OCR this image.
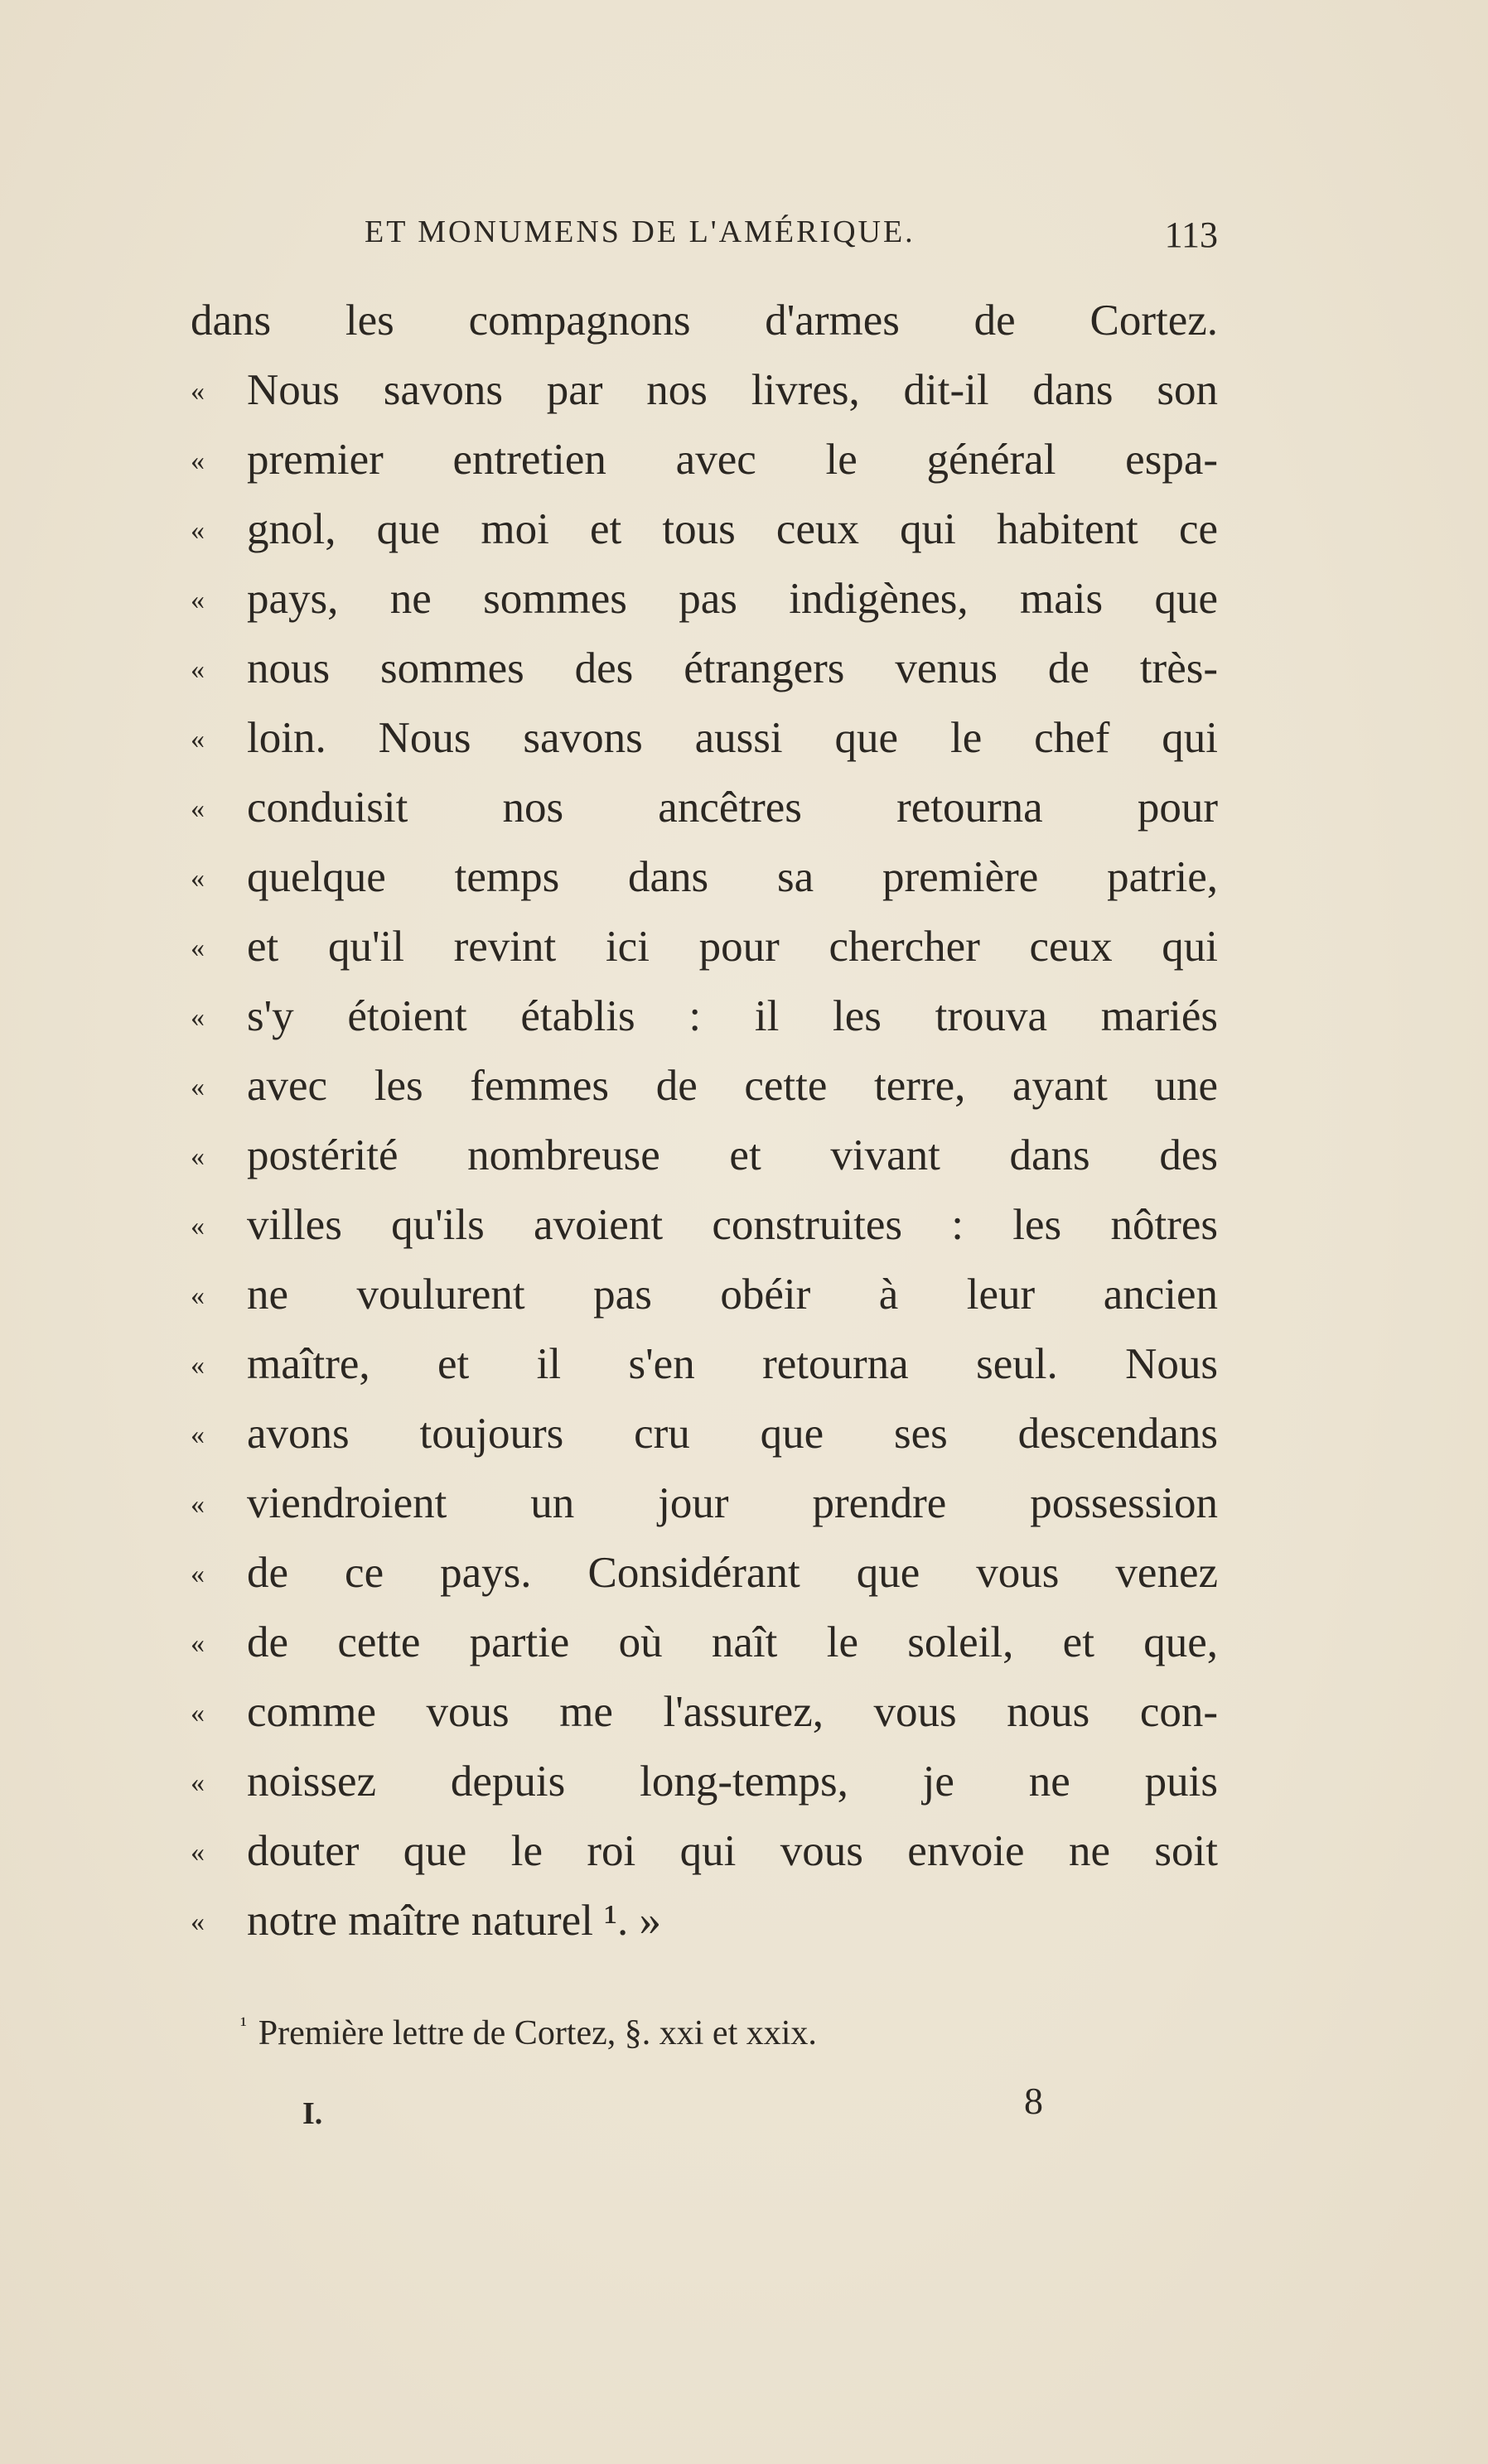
ET MONUMENS DE L'AMÉRIQUE.	113
dans les compagnons d'armes de Cortez.
« Nous savons par nos livres, dit-il dans son
« premier entretien avec le général espa-
« gnol, que moi et tous ceux qui habitent ce
« pays, ne sommes pas indigènes, mais que
« nous sommes des étrangers venus de très-
« loin. Nous savons aussi que le chef qui
« conduisit nos ancêtres retourna pour
« quelque temps dans sa première patrie,
« et qu'il revint ici pour chercher ceux qui
« s'y étoient établis : il les trouva mariés
« avec les femmes de cette terre, ayant une
« postérité nombreuse et vivant dans des
« villes qu'ils avoient construites : les nôtres
« ne voulurent pas obéir à leur ancien
« maître, et il s'en retourna seul. Nous
« avons toujours cru que ses descendans
« viendroient un jour prendre possession
« de ce pays. Considérant que vous venez
« de cette partie où naît le soleil, et que,
« comme vous me l'assurez, vous nous con-
« noissez depuis long-temps, je ne puis
« douter que le roi qui vous envoie ne soit
« notre maître naturel ¹. »
$^{^1}$ Première lettre de Cortez, §. xxi et xxix.
I.	8
